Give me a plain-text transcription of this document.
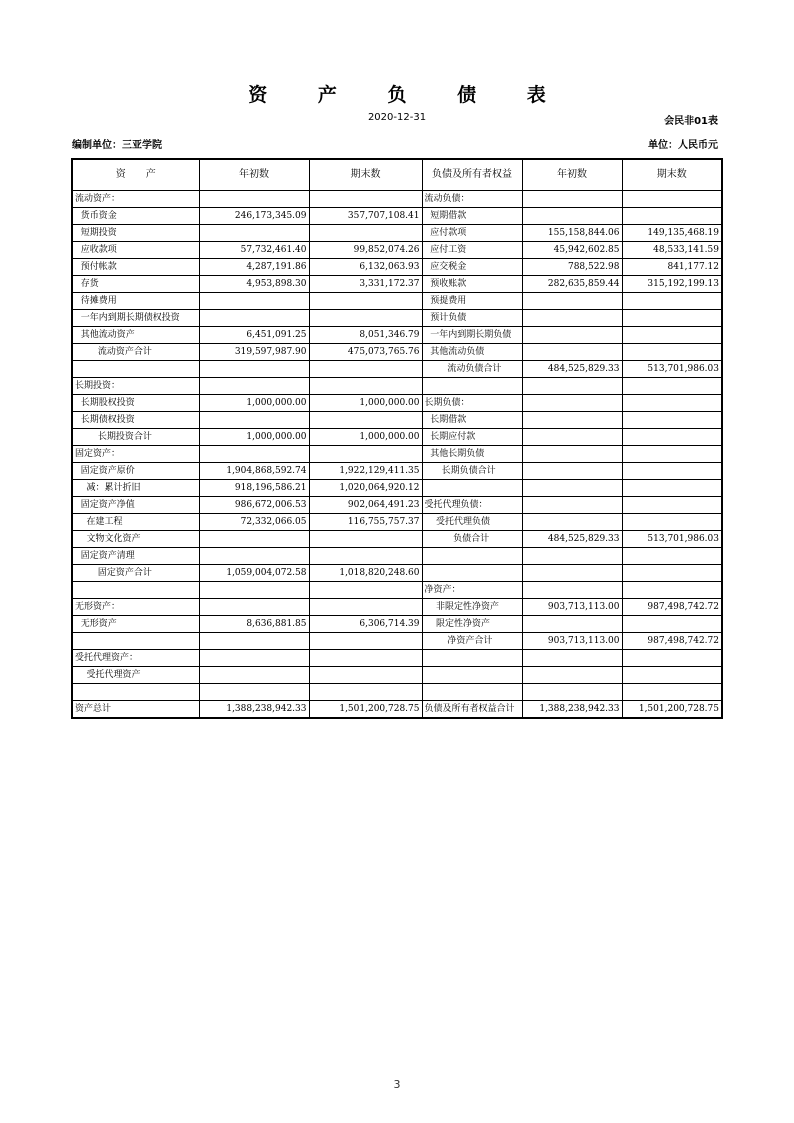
资 产 负 债 表
2020-12-31	会民非01表
编制单位：三亚学院	单位：人民币元
资　　产	年初数	期末数	负债及所有者权益	年初数	期末数
流动资产：			流动负债：		
货币资金	246,173,345.09	357,707,108.41	短期借款		
短期投资			应付款项	155,158,844.06	149,135,468.19
应收款项	57,732,461.40	99,852,074.26	应付工资	45,942,602.85	48,533,141.59
预付帐款	4,287,191.86	6,132,063.93	应交税金	788,522.98	841,177.12
存货	4,953,898.30	3,331,172.37	预收账款	282,635,859.44	315,192,199.13
待摊费用			预提费用		
一年内到期长期债权投资			预计负债		
其他流动资产	6,451,091.25	8,051,346.79	一年内到期长期负债		
流动资产合计	319,597,987.90	475,073,765.76	其他流动负债		
			流动负债合计	484,525,829.33	513,701,986.03
长期投资：					
长期股权投资	1,000,000.00	1,000,000.00	长期负债：		
长期债权投资			长期借款		
长期投资合计	1,000,000.00	1,000,000.00	长期应付款		
固定资产：			其他长期负债		
固定资产原价	1,904,868,592.74	1,922,129,411.35	长期负债合计		
减：累计折旧	918,196,586.21	1,020,064,920.12			
固定资产净值	986,672,006.53	902,064,491.23	受托代理负债：		
在建工程	72,332,066.05	116,755,757.37	受托代理负债		
文物文化资产			负债合计	484,525,829.33	513,701,986.03
固定资产清理					
固定资产合计	1,059,004,072.58	1,018,820,248.60			
			净资产：		
无形资产：			非限定性净资产	903,713,113.00	987,498,742.72
无形资产	8,636,881.85	6,306,714.39	限定性净资产		
			净资产合计	903,713,113.00	987,498,742.72
受托代理资产：					
受托代理资产					

资产总计	1,388,238,942.33	1,501,200,728.75	负债及所有者权益合计	1,388,238,942.33	1,501,200,728.75
3
